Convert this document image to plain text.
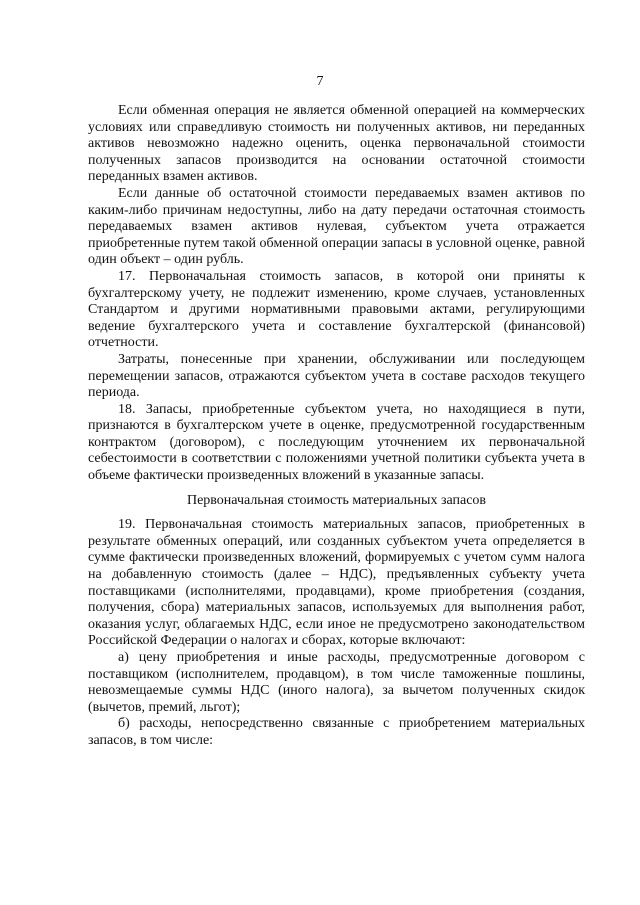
7

Если обменная операция не является обменной операцией на коммерческих условиях или справедливую стоимость ни полученных активов, ни переданных активов невозможно надежно оценить, оценка первоначальной стоимости полученных запасов производится на основании остаточной стоимости переданных взамен активов.

Если данные об остаточной стоимости передаваемых взамен активов по каким-либо причинам недоступны, либо на дату передачи остаточная стоимость передаваемых взамен активов нулевая, субъектом учета отражается приобретенные путем такой обменной операции запасы в условной оценке, равной один объект – один рубль.

17. Первоначальная стоимость запасов, в которой они приняты к бухгалтерскому учету, не подлежит изменению, кроме случаев, установленных Стандартом и другими нормативными правовыми актами, регулирующими ведение бухгалтерского учета и составление бухгалтерской (финансовой) отчетности.

Затраты, понесенные при хранении, обслуживании или последующем перемещении запасов, отражаются субъектом учета в составе расходов текущего периода.

18. Запасы, приобретенные субъектом учета, но находящиеся в пути, признаются в бухгалтерском учете в оценке, предусмотренной государственным контрактом (договором), с последующим уточнением их первоначальной себестоимости в соответствии с положениями учетной политики субъекта учета в объеме фактически произведенных вложений в указанные запасы.

Первоначальная стоимость материальных запасов

19. Первоначальная стоимость материальных запасов, приобретенных в результате обменных операций, или созданных субъектом учета определяется в сумме фактически произведенных вложений, формируемых с учетом сумм налога на добавленную стоимость (далее – НДС), предъявленных субъекту учета поставщиками (исполнителями, продавцами), кроме приобретения (создания, получения, сбора) материальных запасов, используемых для выполнения работ, оказания услуг, облагаемых НДС, если иное не предусмотрено законодательством Российской Федерации о налогах и сборах, которые включают:

а) цену приобретения и иные расходы, предусмотренные договором с поставщиком (исполнителем, продавцом), в том числе таможенные пошлины, невозмещаемые суммы НДС (иного налога), за вычетом полученных скидок (вычетов, премий, льгот);

б) расходы, непосредственно связанные с приобретением материальных запасов, в том числе:
